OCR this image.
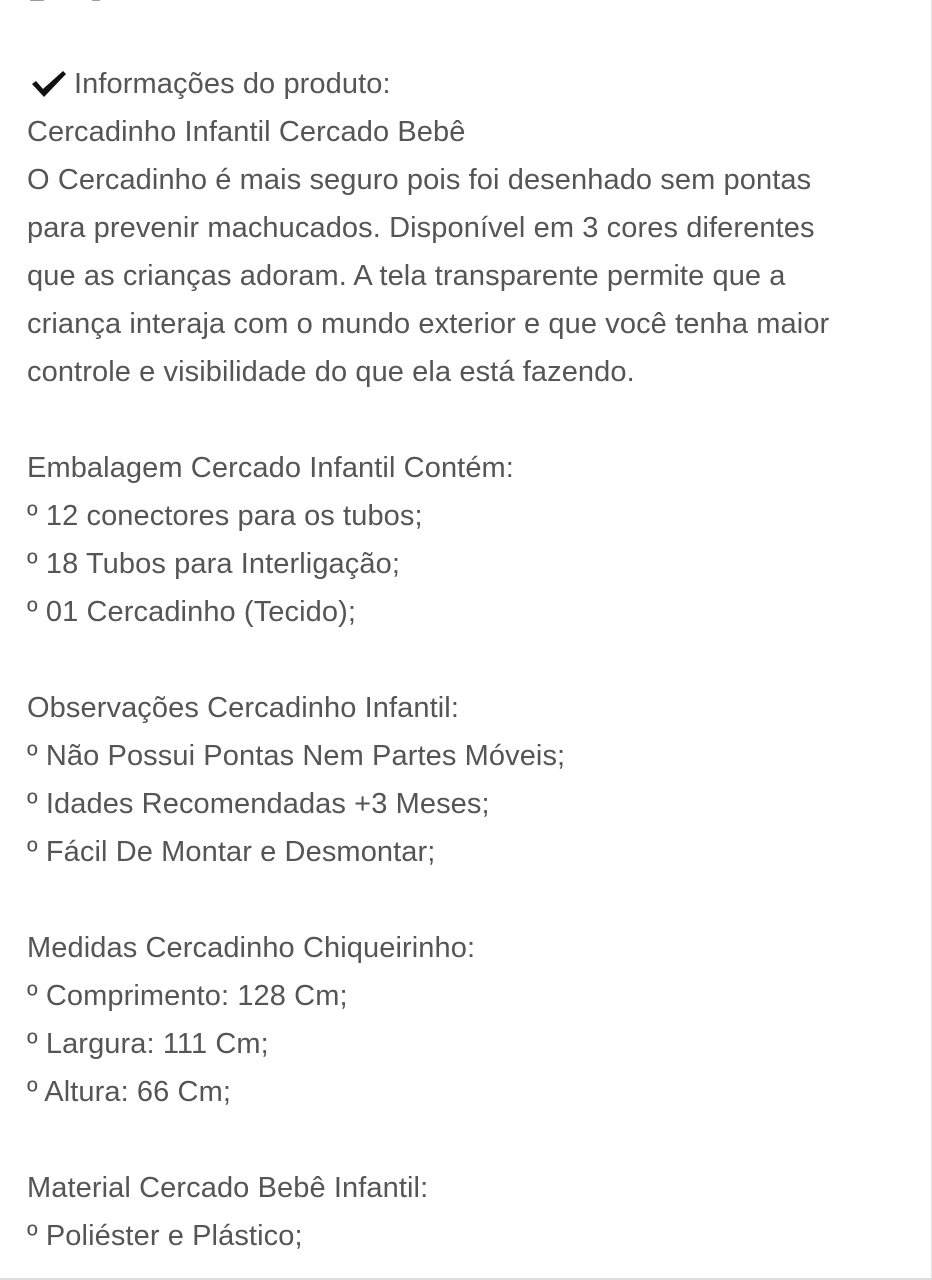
Informações do produto:
Cercadinho Infantil Cercado Bebê
O Cercadinho é mais seguro pois foi desenhado sem pontas
para prevenir machucados. Disponível em 3 cores diferentes
que as crianças adoram. A tela transparente permite que a
criança interaja com o mundo exterior e que você tenha maior
controle e visibilidade do que ela está fazendo.
Embalagem Cercado Infantil Contém:
º 12 conectores para os tubos;
º 18 Tubos para Interligação;
º 01 Cercadinho (Tecido);
Observações Cercadinho Infantil:
º Não Possui Pontas Nem Partes Móveis;
º Idades Recomendadas +3 Meses;
º Fácil De Montar e Desmontar;
Medidas Cercadinho Chiqueirinho:
º Comprimento: 128 Cm;
º Largura: 111 Cm;
º Altura: 66 Cm;
Material Cercado Bebê Infantil:
º Poliéster e Plástico;
